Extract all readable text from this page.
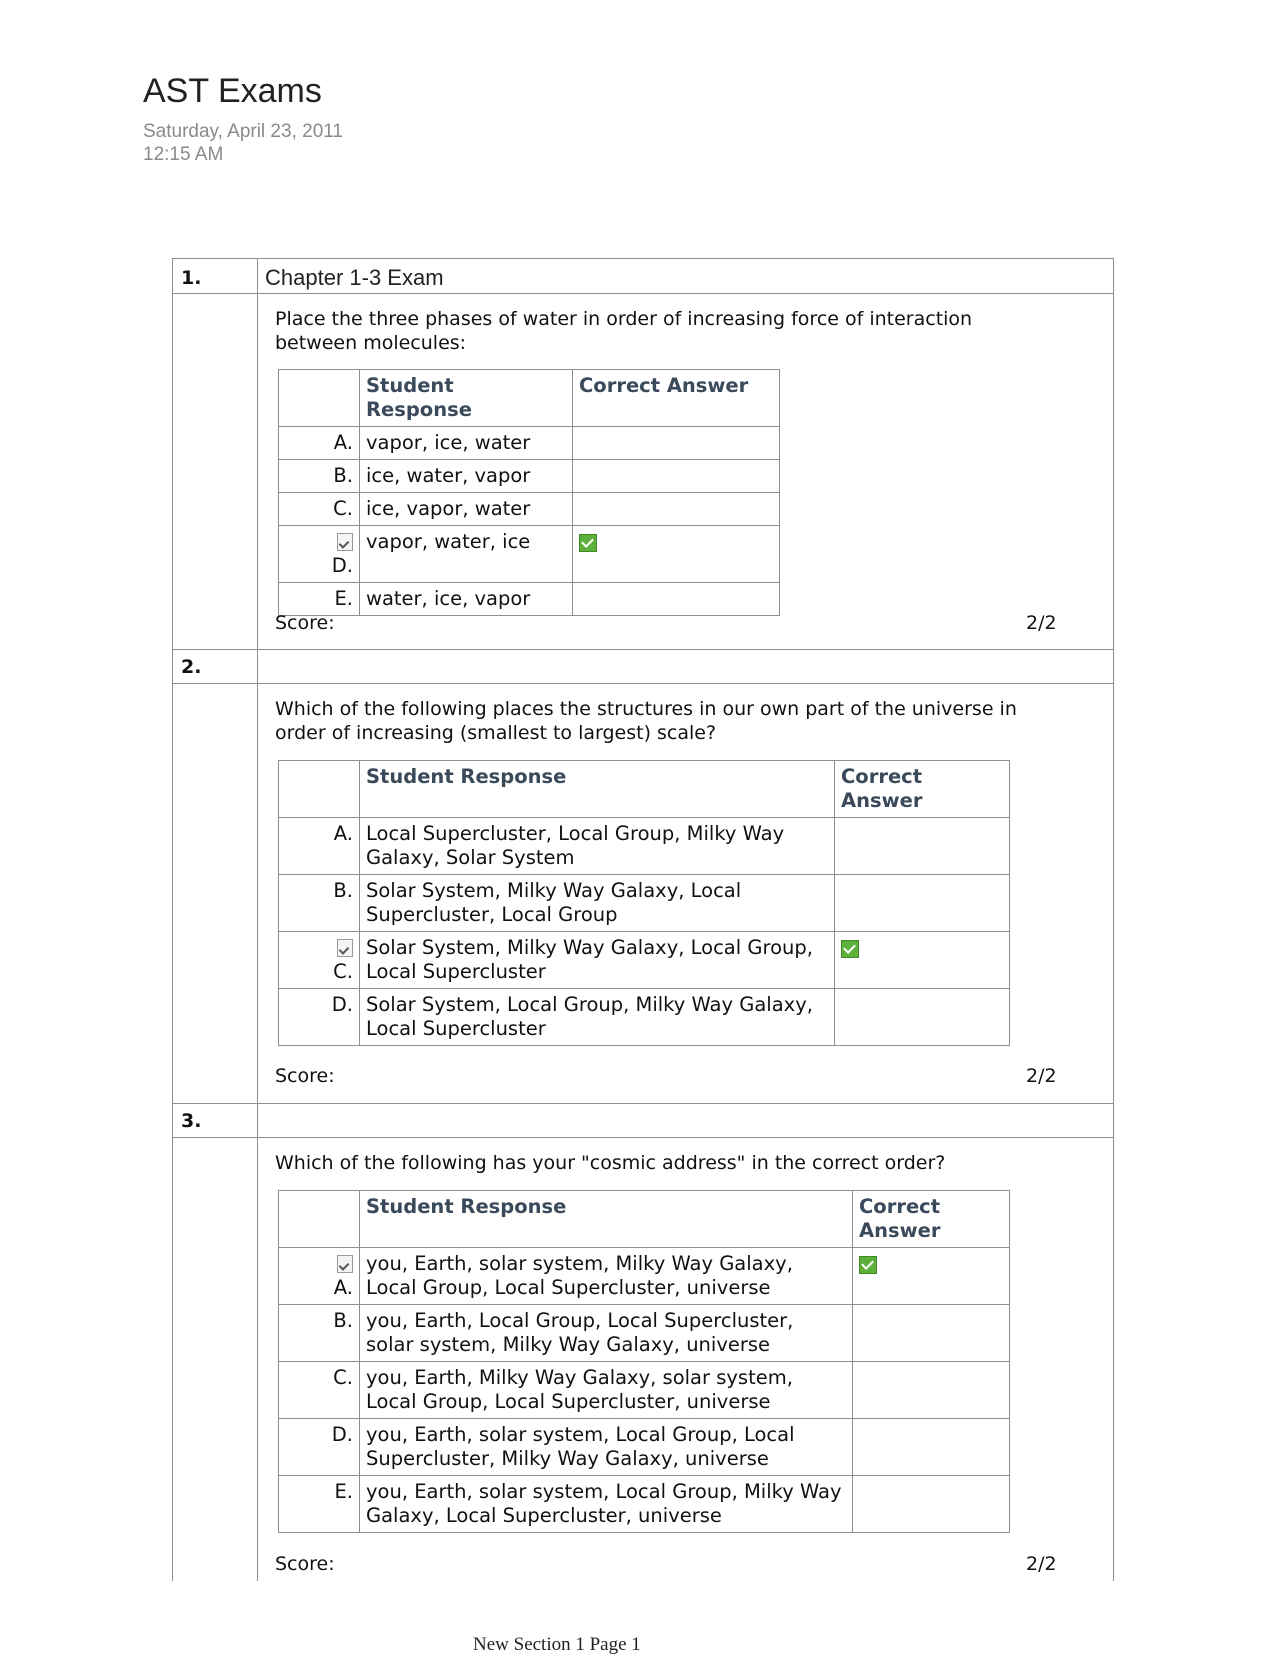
AST Exams
Saturday, April 23, 2011
12:15 AM
1.	Chapter 1-3 Exam
Place the three phases of water in order of increasing force of interaction between molecules:
	Student Response	Correct Answer
A.	vapor, ice, water	
B.	ice, water, vapor	
C.	ice, vapor, water	

D.	vapor, water, ice	
E.	water, ice, vapor	
Score:	2/2
2.
Which of the following places the structures in our own part of the universe in order of increasing (smallest to largest) scale?
	Student Response	Correct
Answer

A.	Local Supercluster, Local Group, Milky Way Galaxy, Solar System	
B.	Solar System, Milky Way Galaxy, Local Supercluster, Local Group	

C.	Solar System, Milky Way Galaxy, Local Group, Local Supercluster	
D.	Solar System, Local Group, Milky Way Galaxy, Local Supercluster	
Score:	2/2
3.
Which of the following has your "cosmic address" in the correct order?
	Student Response	Correct
Answer

A.	you, Earth, solar system, Milky Way Galaxy, Local Group, Local Supercluster, universe	
B.	you, Earth, Local Group, Local Supercluster, solar system, Milky Way Galaxy, universe	
C.	you, Earth, Milky Way Galaxy, solar system, Local Group, Local Supercluster, universe	
D.	you, Earth, solar system, Local Group, Local Supercluster, Milky Way Galaxy, universe	
E.	you, Earth, solar system, Local Group, Milky Way Galaxy, Local Supercluster, universe	
Score:	2/2
New Section 1 Page 1
